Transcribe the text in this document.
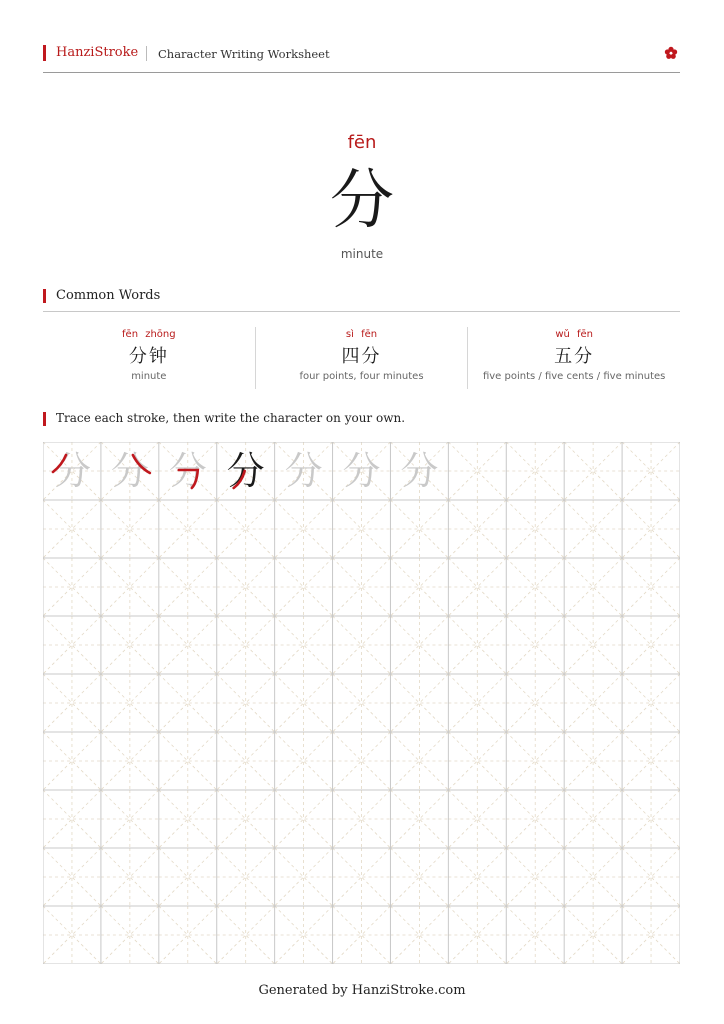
HanziStroke Character Writing Worksheet
fēn
分
minute
Common Words
fēn zhōng
分钟
minute
sì fēn
四分
four points, four minutes
wǔ fēn
五分
five points / five cents / five minutes
Trace each stroke, then write the character on your own.
分 分 分 分 分 分 分
Generated by HanziStroke.com
